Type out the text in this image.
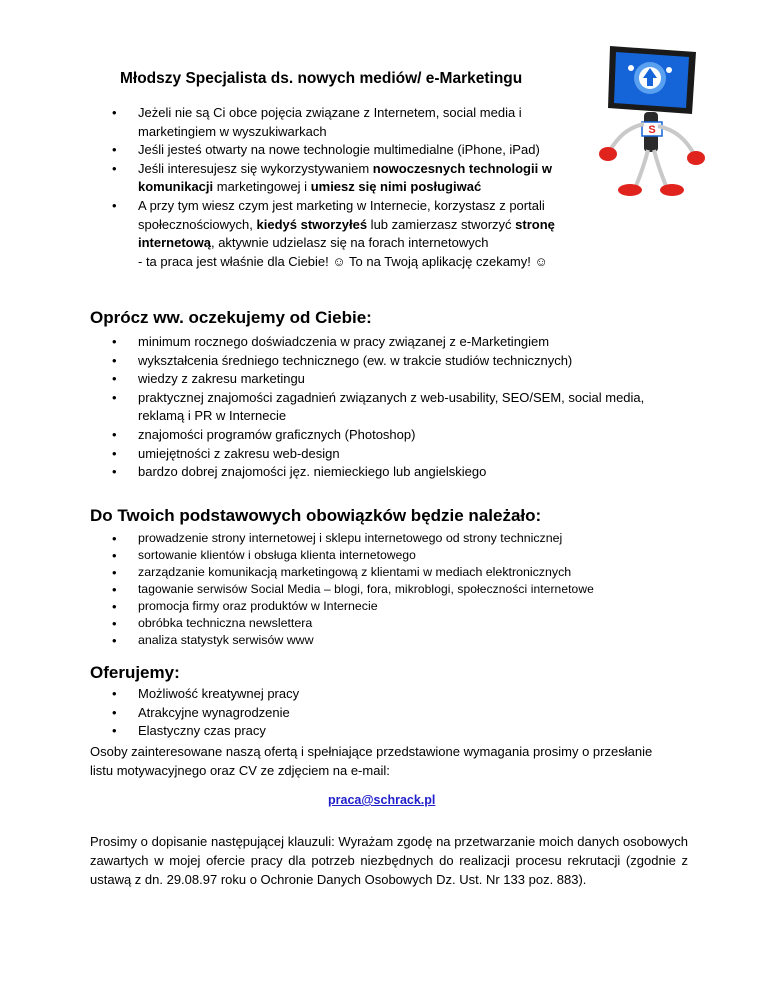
Młodszy Specjalista ds. nowych mediów/ e-Marketingu
S
• Jeżeli nie są Ci obce pojęcia związane z Internetem, social media i marketingiem w wyszukiwarkach
• Jeśli jesteś otwarty na nowe technologie multimedialne (iPhone, iPad)
• Jeśli interesujesz się wykorzystywaniem nowoczesnych technologii w komunikacji marketingowej i umiesz się nimi posługiwać
• A przy tym wiesz czym jest marketing w Internecie, korzystasz z portali społecznościowych, kiedyś stworzyłeś lub zamierzasz stworzyć stronę internetową, aktywnie udzielasz się na forach internetowych
- ta praca jest właśnie dla Ciebie! ☺ To na Twoją aplikację czekamy! ☺
Oprócz ww. oczekujemy od Ciebie:
• minimum rocznego doświadczenia w pracy związanej z e-Marketingiem
• wykształcenia średniego technicznego (ew. w trakcie studiów technicznych)
• wiedzy z zakresu marketingu
• praktycznej znajomości zagadnień związanych z web-usability, SEO/SEM, social media, reklamą i PR w Internecie
• znajomości programów graficznych (Photoshop)
• umiejętności z zakresu web-design
• bardzo dobrej znajomości jęz. niemieckiego lub angielskiego
Do Twoich podstawowych obowiązków będzie należało:
• prowadzenie strony internetowej i sklepu internetowego od strony technicznej
• sortowanie klientów i obsługa klienta internetowego
• zarządzanie komunikacją marketingową z klientami w mediach elektronicznych
• tagowanie serwisów Social Media – blogi, fora, mikroblogi, społeczności internetowe
• promocja firmy oraz produktów w Internecie
• obróbka techniczna newslettera
• analiza statystyk serwisów www
Oferujemy:
• Możliwość kreatywnej pracy
• Atrakcyjne wynagrodzenie
• Elastyczny czas pracy
Osoby zainteresowane naszą ofertą i spełniające przedstawione wymagania prosimy o przesłanie listu motywacyjnego oraz CV ze zdjęciem na e-mail:
praca@schrack.pl
Prosimy o dopisanie następującej klauzuli: Wyrażam zgodę na przetwarzanie moich danych osobowych zawartych w mojej ofercie pracy dla potrzeb niezbędnych do realizacji procesu rekrutacji (zgodnie z ustawą z dn. 29.08.97 roku o Ochronie Danych Osobowych Dz. Ust. Nr 133 poz. 883).
